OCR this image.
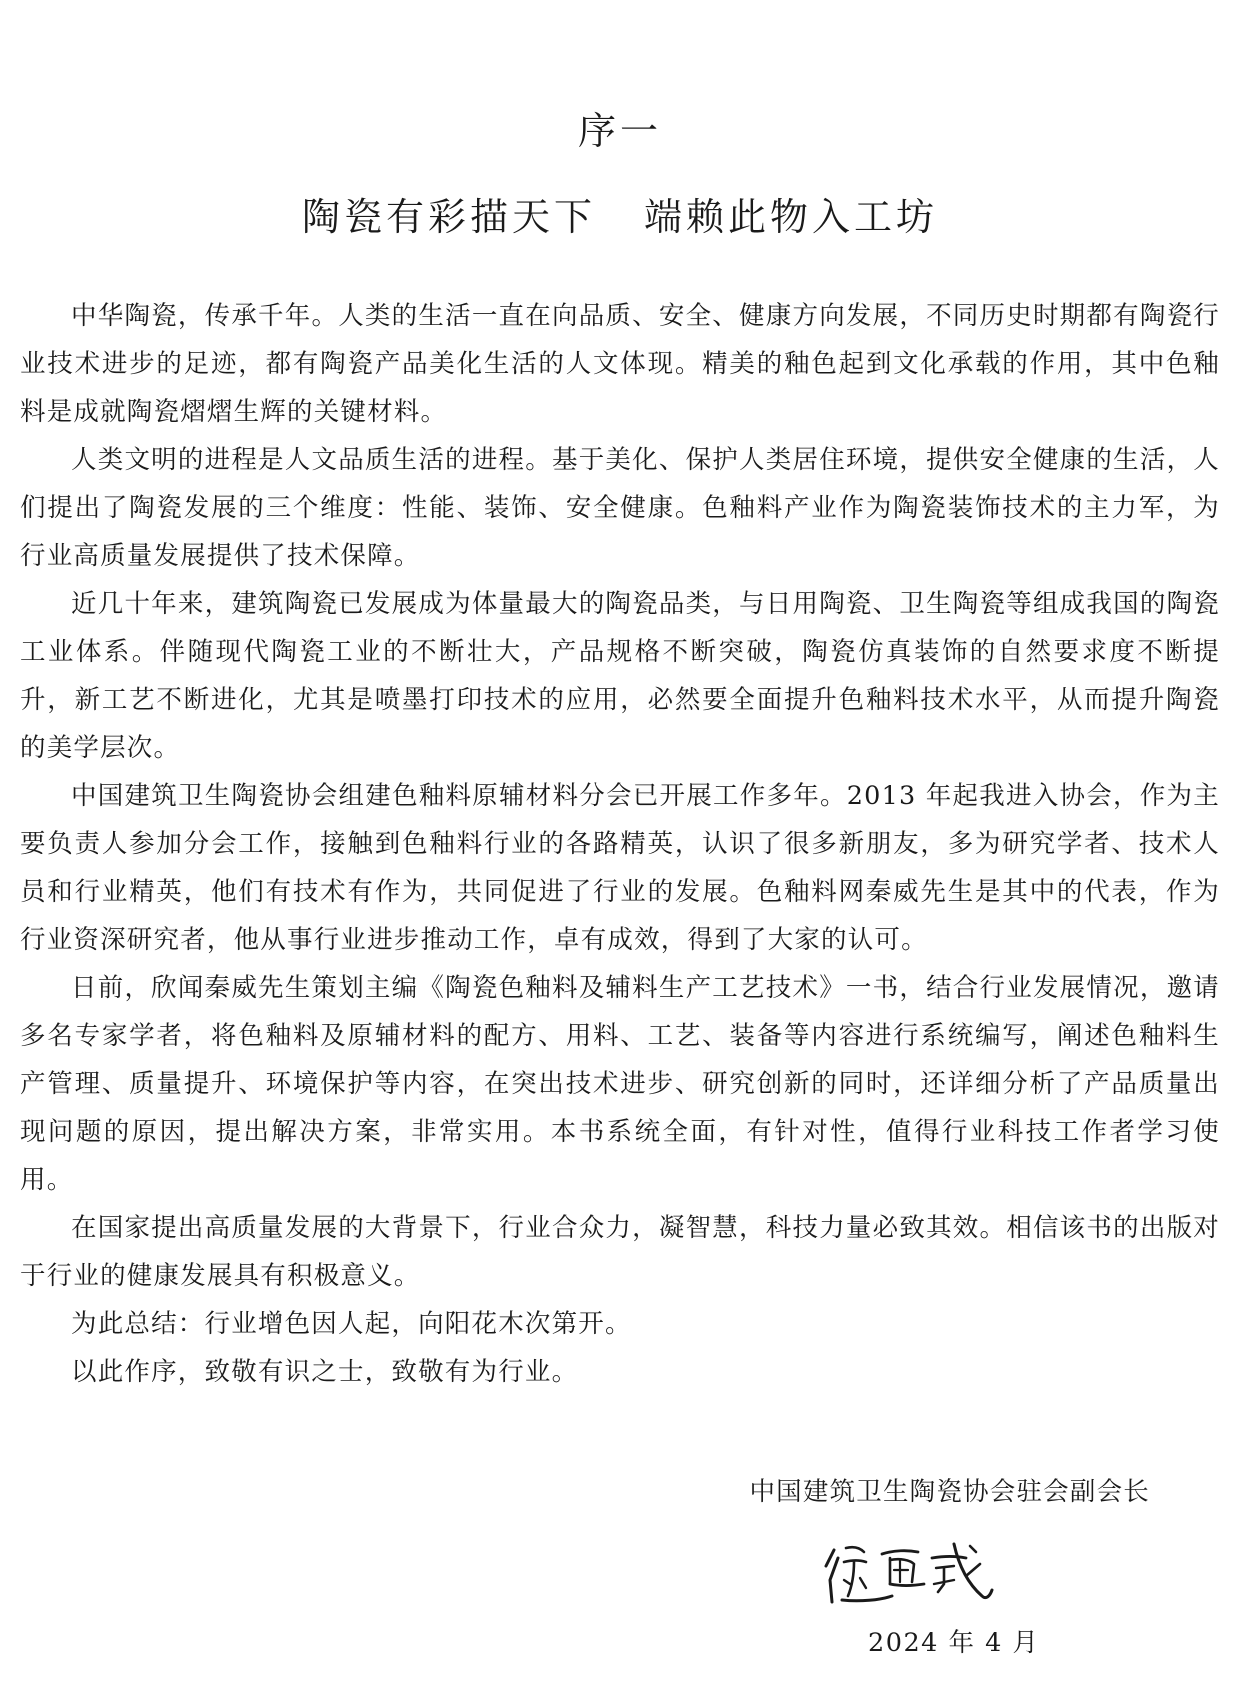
序一
陶瓷有彩描天下 端赖此物入工坊

中华陶瓷，传承千年。人类的生活一直在向品质、安全、健康方向发展，不同历史时期都有陶瓷行业技术进步的足迹，都有陶瓷产品美化生活的人文体现。精美的釉色起到文化承载的作用，其中色釉料是成就陶瓷熠熠生辉的关键材料。

人类文明的进程是人文品质生活的进程。基于美化、保护人类居住环境，提供安全健康的生活，人们提出了陶瓷发展的三个维度：性能、装饰、安全健康。色釉料产业作为陶瓷装饰技术的主力军，为行业高质量发展提供了技术保障。

近几十年来，建筑陶瓷已发展成为体量最大的陶瓷品类，与日用陶瓷、卫生陶瓷等组成我国的陶瓷工业体系。伴随现代陶瓷工业的不断壮大，产品规格不断突破，陶瓷仿真装饰的自然要求度不断提升，新工艺不断进化，尤其是喷墨打印技术的应用，必然要全面提升色釉料技术水平，从而提升陶瓷的美学层次。

中国建筑卫生陶瓷协会组建色釉料原辅材料分会已开展工作多年。2013 年起我进入协会，作为主要负责人参加分会工作，接触到色釉料行业的各路精英，认识了很多新朋友，多为研究学者、技术人员和行业精英，他们有技术有作为，共同促进了行业的发展。色釉料网秦威先生是其中的代表，作为行业资深研究者，他从事行业进步推动工作，卓有成效，得到了大家的认可。

日前，欣闻秦威先生策划主编《陶瓷色釉料及辅料生产工艺技术》一书，结合行业发展情况，邀请多名专家学者，将色釉料及原辅材料的配方、用料、工艺、装备等内容进行系统编写，阐述色釉料生产管理、质量提升、环境保护等内容，在突出技术进步、研究创新的同时，还详细分析了产品质量出现问题的原因，提出解决方案，非常实用。本书系统全面，有针对性，值得行业科技工作者学习使用。

在国家提出高质量发展的大背景下，行业合众力，凝智慧，科技力量必致其效。相信该书的出版对于行业的健康发展具有积极意义。

为此总结：行业增色因人起，向阳花木次第开。

以此作序，致敬有识之士，致敬有为行业。

中国建筑卫生陶瓷协会驻会副会长

2024 年 4 月
